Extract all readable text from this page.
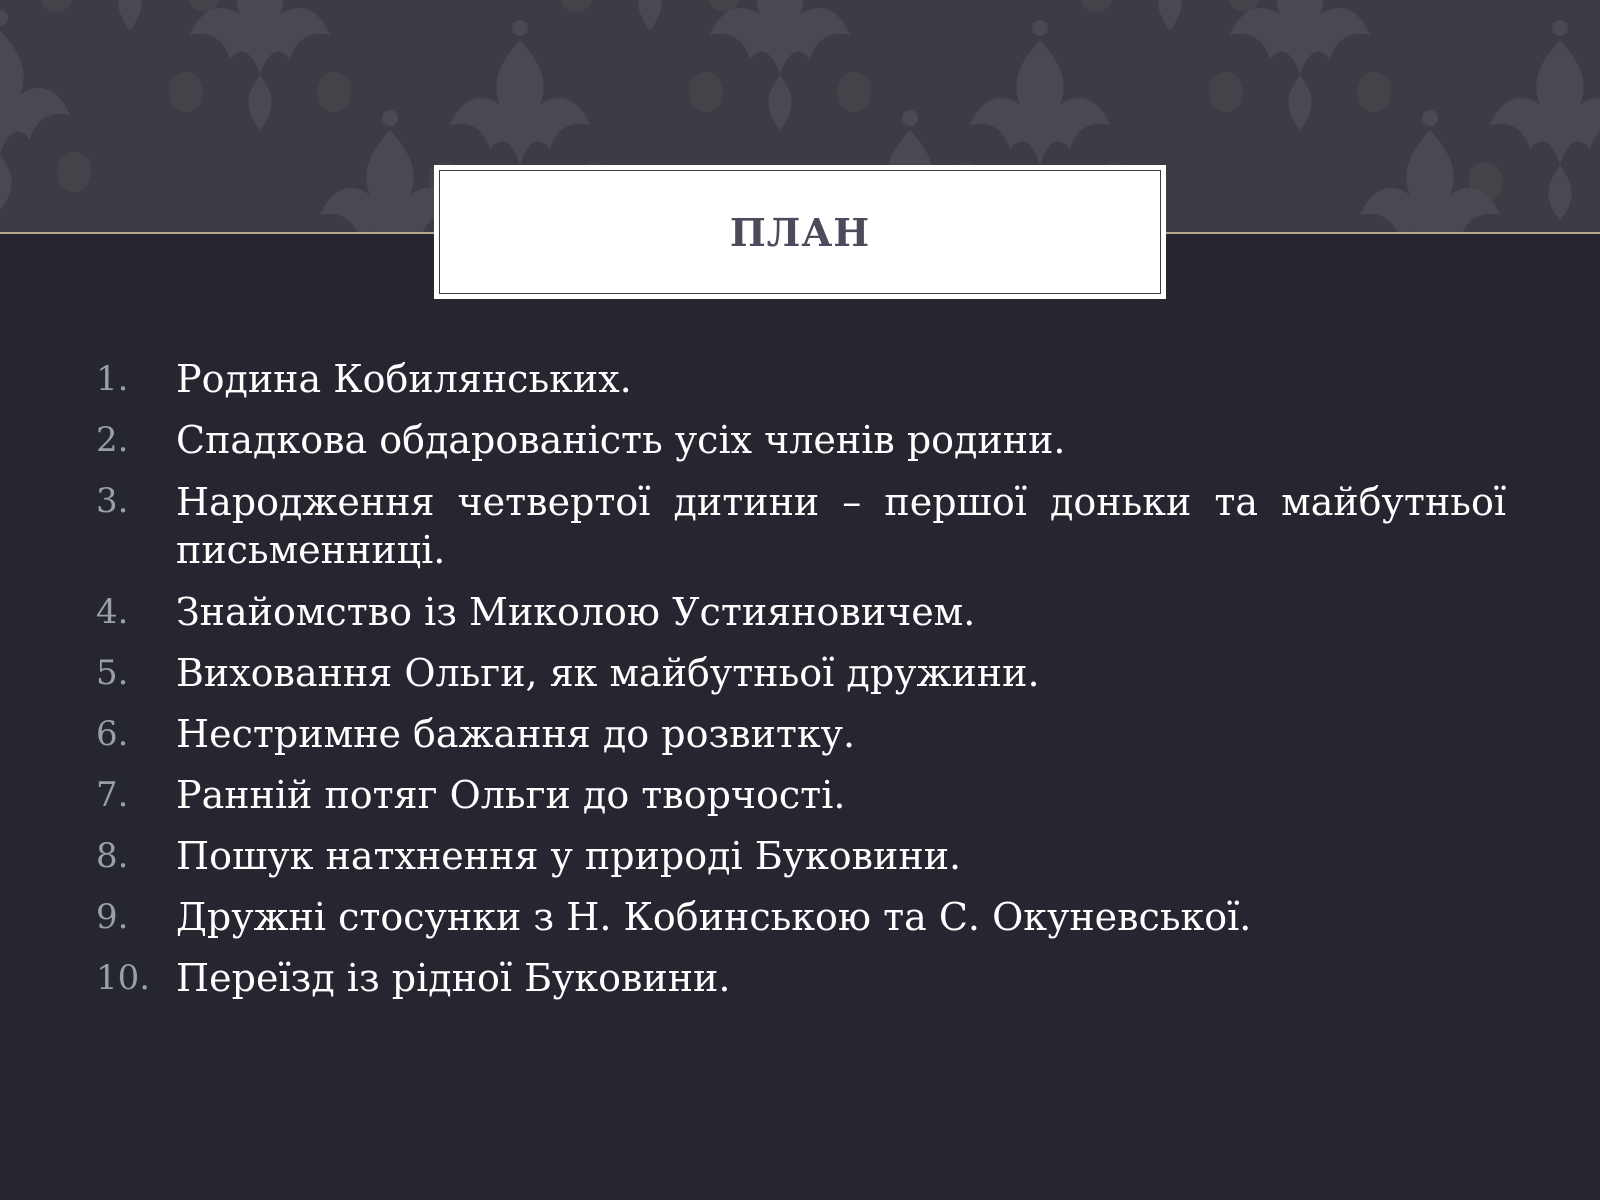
ПЛАН
1.	Родина Кобилянських.
2.	Спадкова обдарованість усіх членів родини.
3.	Народження четвертої дитини – першої доньки та майбутньої письменниці.
4.	Знайомство із Миколою Устияновичем.
5.	Виховання Ольги, як майбутньої дружини.
6.	Нестримне бажання до розвитку.
7.	Ранній потяг Ольги до творчості.
8.	Пошук натхнення у природі Буковини.
9.	Дружні стосунки з Н. Кобинською та С. Окуневської.
10. Переїзд із рідної Буковини.
